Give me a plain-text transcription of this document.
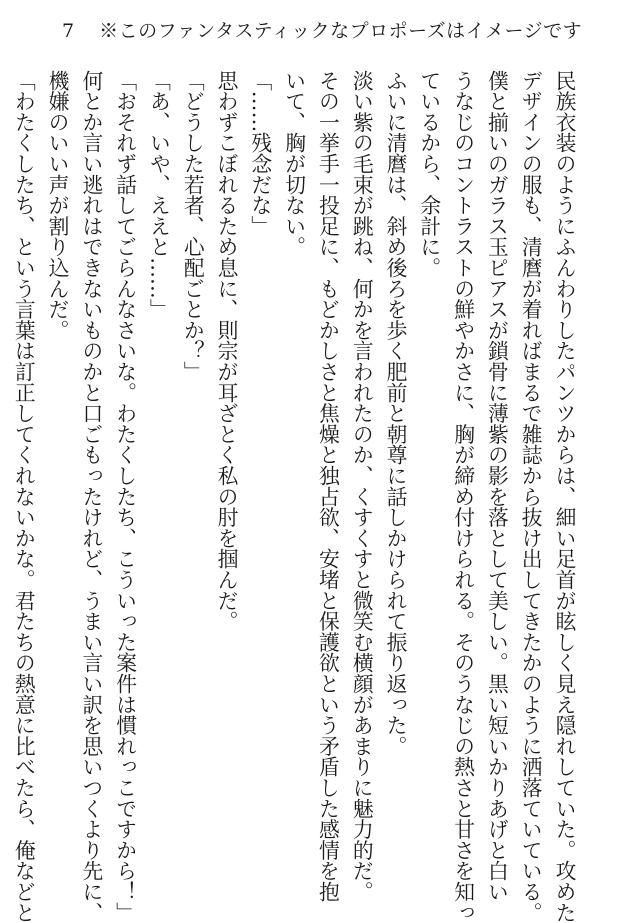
7 ※このファンタスティックなプロポーズはイメージです
民族衣装のようにふんわりしたパンツからは、細い足首が眩しく見え隠れしていた。攻めた
デザインの服も、清麿が着ればまるで雑誌から抜け出してきたかのように洒落ていている。
僕と揃いのガラス玉ピアスが鎖骨に薄紫の影を落として美しい。黒い短いかりあげと白い
うなじのコントラストの鮮やかさに、胸が締め付けられる。そのうなじの熱さと甘さを知っ
ているから、余計に。
ふいに清麿は、斜め後ろを歩く肥前と朝尊に話しかけられて振り返った。
淡い紫の毛束が跳ね、何かを言われたのか、くすくすと微笑む横顔があまりに魅力的だ。
その一挙手一投足に、もどかしさと焦燥と独占欲、安堵と保護欲という矛盾した感情を抱
いて、胸が切ない。
「……残念だな」
思わずこぼれるため息に、則宗が耳ざとく私の肘を掴んだ。
「どうした若者、心配ごとか？」
「あ、いや、ええと……」
「おそれず話してごらんなさいな。わたくしたち、こういった案件は慣れっこですから！」
何とか言い逃れはできないものかと口ごもったけれど、うまい言い訳を思いつくより先に、
機嫌のいい声が割り込んだ。
「わたくしたち、という言葉は訂正してくれないかな。君たちの熱意に比べたら、俺などと
